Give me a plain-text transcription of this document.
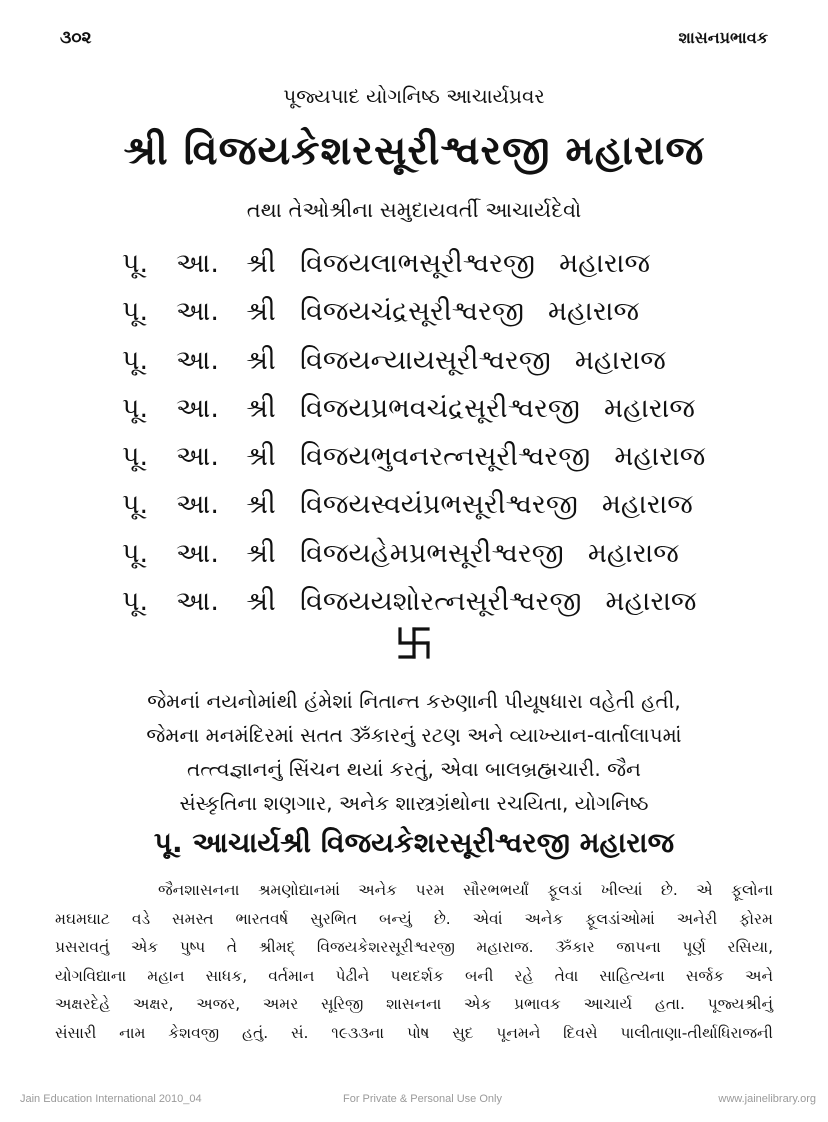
૩૦૨	શાસનપ્રભાવક
પૂજ્યપાદ યોગનિષ્ઠ આચાર્યપ્રવર
શ્રી વિજયકેશરસૂરીશ્વરજી મહારાજ
તથા તેઓશ્રીના સમુદાયવર્તી આચાર્યદેવો
પૂ. આ. શ્રી વિજયલાભસૂરીશ્વરજી મહારાજ
પૂ. આ. શ્રી વિજયચંદ્રસૂરીશ્વરજી મહારાજ
પૂ. આ. શ્રી વિજયન્યાયસૂરીશ્વરજી મહારાજ
પૂ. આ. શ્રી વિજયપ્રભવચંદ્રસૂરીશ્વરજી મહારાજ
પૂ. આ. શ્રી વિજયભુવનરત્નસૂરીશ્વરજી મહારાજ
પૂ. આ. શ્રી વિજયસ્વયંપ્રભસૂરીશ્વરજી મહારાજ
પૂ. આ. શ્રી વિજયહેમપ્રભસૂરીશ્વરજી મહારાજ
પૂ. આ. શ્રી વિજયયશોરત્નસૂરીશ્વરજી મહારાજ
જેમનાં નયનોમાંથી હંમેશાં નિતાન્ત કરુણાની પીયૂષધારા વહેતી હતી,
જેમના મનમંદિરમાં સતત ૐકારનું રટણ અને વ્યાખ્યાન-વાર્તાલાપમાં
તત્ત્વજ્ઞાનનું સિંચન થયાં કરતું, એવા બાલબ્રહ્મચારી. જૈન
સંસ્કૃતિના શણગાર, અનેક શાસ્ત્રગ્રંથોના રચયિતા, યોગનિષ્ઠ
પૂ. આચાર્યશ્રી વિજયકેશરસૂરીશ્વરજી મહારાજ
જૈનશાસનના શ્રમણોદ્યાનમાં અનેક પરમ સૌરભભર્યાં ફૂલડાં ખીલ્યાં છે. એ ફૂલોના
મઘમઘાટ વડે સમસ્ત ભારતવર્ષ સુરભિત બન્યું છે. એવાં અનેક ફૂલડાંઓમાં અનેરી ફોરમ
પ્રસરાવતું એક પુષ્પ તે શ્રીમદ્ વિજયકેશરસૂરીશ્વરજી મહારાજ. ૐકાર જાપના પૂર્ણ રસિયા,
યોગવિદ્યાના મહાન સાધક, વર્તમાન પેઢીને પથદર્શક બની રહે તેવા સાહિત્યના સર્જક અને
અક્ષરદેહે અક્ષર, અજર, અમર સૂરિજી શાસનના એક પ્રભાવક આચાર્ય હતા. પૂજ્યશ્રીનું
સંસારી નામ કેશવજી હતું. સં. ૧૯૩૩ના પોષ સુદ પૂનમને દિવસે પાલીતાણા-તીર્થાધિરાજની
Jain Education International 2010_04	For Private & Personal Use Only	www.jainelibrary.org
